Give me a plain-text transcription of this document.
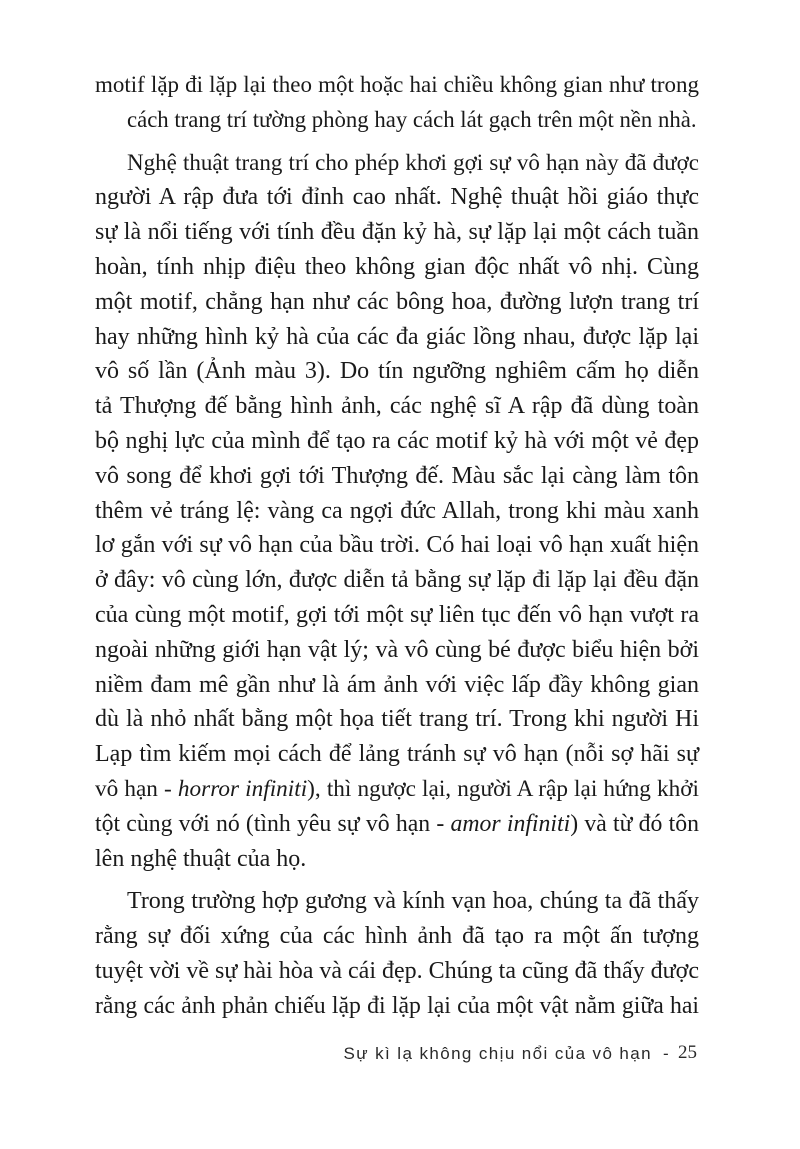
motif lặp đi lặp lại theo một hoặc hai chiều không gian như trong
cách trang trí tường phòng hay cách lát gạch trên một nền nhà.
Nghệ thuật trang trí cho phép khơi gợi sự vô hạn này đã được
người A rập đưa tới đỉnh cao nhất. Nghệ thuật hồi giáo thực
sự là nổi tiếng với tính đều đặn kỷ hà, sự lặp lại một cách tuần
hoàn, tính nhịp điệu theo không gian độc nhất vô nhị. Cùng
một motif, chẳng hạn như các bông hoa, đường lượn trang trí
hay những hình kỷ hà của các đa giác lồng nhau, được lặp lại
vô số lần (Ảnh màu 3). Do tín ngưỡng nghiêm cấm họ diễn
tả Thượng đế bằng hình ảnh, các nghệ sĩ A rập đã dùng toàn
bộ nghị lực của mình để tạo ra các motif kỷ hà với một vẻ đẹp
vô song để khơi gợi tới Thượng đế. Màu sắc lại càng làm tôn
thêm vẻ tráng lệ: vàng ca ngợi đức Allah, trong khi màu xanh
lơ gắn với sự vô hạn của bầu trời. Có hai loại vô hạn xuất hiện
ở đây: vô cùng lớn, được diễn tả bằng sự lặp đi lặp lại đều đặn
của cùng một motif, gợi tới một sự liên tục đến vô hạn vượt ra
ngoài những giới hạn vật lý; và vô cùng bé được biểu hiện bởi
niềm đam mê gần như là ám ảnh với việc lấp đầy không gian
dù là nhỏ nhất bằng một họa tiết trang trí. Trong khi người Hi
Lạp tìm kiếm mọi cách để lảng tránh sự vô hạn (nỗi sợ hãi sự
vô hạn - horror infiniti), thì ngược lại, người A rập lại hứng khởi
tột cùng với nó (tình yêu sự vô hạn - amor infiniti) và từ đó tôn
lên nghệ thuật của họ.
Trong trường hợp gương và kính vạn hoa, chúng ta đã thấy
rằng sự đối xứng của các hình ảnh đã tạo ra một ấn tượng
tuyệt vời về sự hài hòa và cái đẹp. Chúng ta cũng đã thấy được
rằng các ảnh phản chiếu lặp đi lặp lại của một vật nằm giữa hai
Sự kì lạ không chịu nổi của vô hạn - 25
